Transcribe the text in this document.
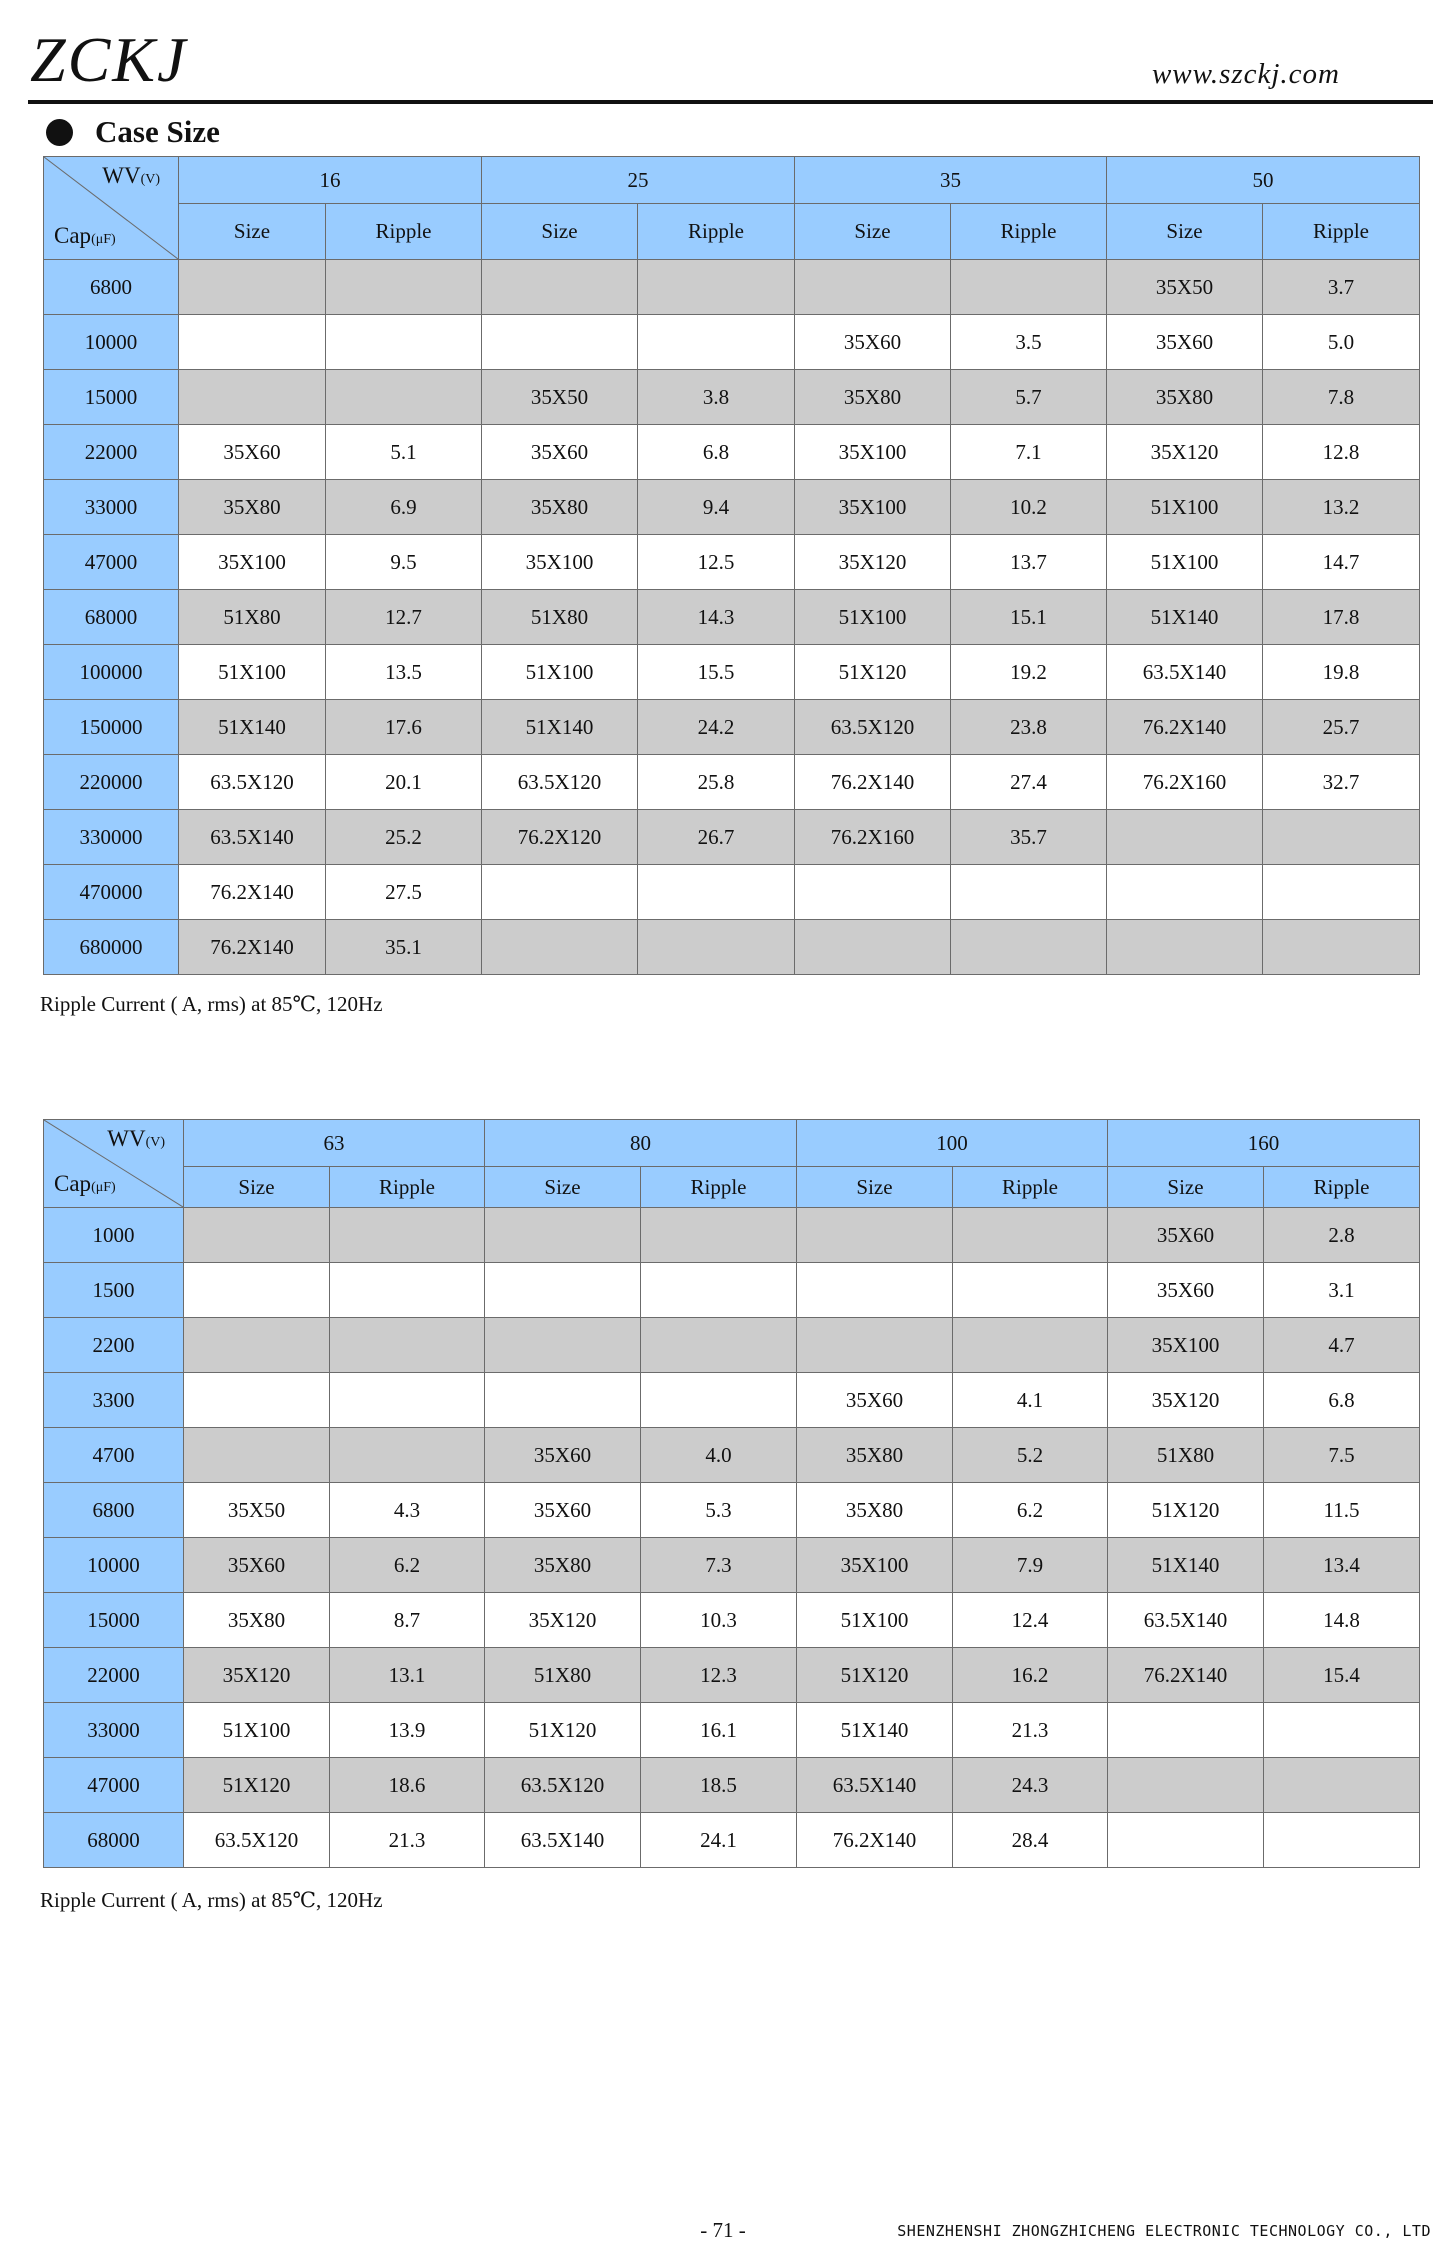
ZCKJ	www.szckj.com
Case Size
WV(V)
Cap(μF)	16		25		35		50	
	Size	Ripple	Size	Ripple	Size	Ripple	Size	Ripple
6800							35X50	3.7
10000					35X60	3.5	35X60	5.0
15000			35X50	3.8	35X80	5.7	35X80	7.8
22000	35X60	5.1	35X60	6.8	35X100	7.1	35X120	12.8
33000	35X80	6.9	35X80	9.4	35X100	10.2	51X100	13.2
47000	35X100	9.5	35X100	12.5	35X120	13.7	51X100	14.7
68000	51X80	12.7	51X80	14.3	51X100	15.1	51X140	17.8
100000	51X100	13.5	51X100	15.5	51X120	19.2	63.5X140	19.8
150000	51X140	17.6	51X140	24.2	63.5X120	23.8	76.2X140	25.7
220000	63.5X120	20.1	63.5X120	25.8	76.2X140	27.4	76.2X160	32.7
330000	63.5X140	25.2	76.2X120	26.7	76.2X160	35.7		
470000	76.2X140	27.5						
680000	76.2X140	35.1						
Ripple Current ( A, rms) at 85℃, 120Hz
WV(V)
Cap(μF)	63		80		100		160	
	Size	Ripple	Size	Ripple	Size	Ripple	Size	Ripple
1000							35X60	2.8
1500							35X60	3.1
2200							35X100	4.7
3300					35X60	4.1	35X120	6.8
4700			35X60	4.0	35X80	5.2	51X80	7.5
6800	35X50	4.3	35X60	5.3	35X80	6.2	51X120	11.5
10000	35X60	6.2	35X80	7.3	35X100	7.9	51X140	13.4
15000	35X80	8.7	35X120	10.3	51X100	12.4	63.5X140	14.8
22000	35X120	13.1	51X80	12.3	51X120	16.2	76.2X140	15.4
33000	51X100	13.9	51X120	16.1	51X140	21.3		
47000	51X120	18.6	63.5X120	18.5	63.5X140	24.3		
68000	63.5X120	21.3	63.5X140	24.1	76.2X140	28.4		
Ripple Current ( A, rms) at 85℃, 120Hz
- 71 -	SHENZHENSHI ZHONGZHICHENG ELECTRONIC TECHNOLOGY CO., LTD
